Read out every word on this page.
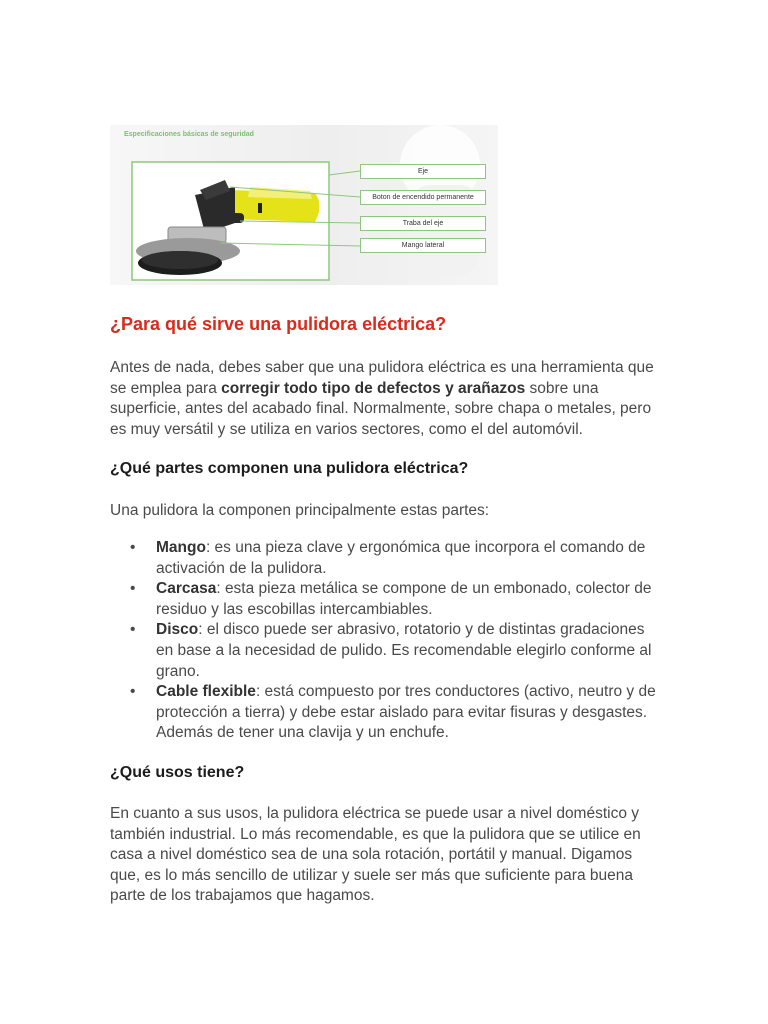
Especificaciones básicas de seguridad
Eje
Boton de encendido permanente
Traba del eje
Mango lateral
¿Para qué sirve una pulidora eléctrica?

Antes de nada, debes saber que una pulidora eléctrica es una herramienta que se emplea para corregir todo tipo de defectos y arañazos sobre una superficie, antes del acabado final. Normalmente, sobre chapa o metales, pero es muy versátil y se utiliza en varios sectores, como el del automóvil.

¿Qué partes componen una pulidora eléctrica?

Una pulidora la componen principalmente estas partes:

• Mango: es una pieza clave y ergonómica que incorpora el comando de activación de la pulidora.
• Carcasa: esta pieza metálica se compone de un embonado, colector de residuo y las escobillas intercambiables.
• Disco: el disco puede ser abrasivo, rotatorio y de distintas gradaciones en base a la necesidad de pulido. Es recomendable elegirlo conforme al grano.
• Cable flexible: está compuesto por tres conductores (activo, neutro y de protección a tierra) y debe estar aislado para evitar fisuras y desgastes. Además de tener una clavija y un enchufe.
¿Qué usos tiene?

En cuanto a sus usos, la pulidora eléctrica se puede usar a nivel doméstico y también industrial. Lo más recomendable, es que la pulidora que se utilice en casa a nivel doméstico sea de una sola rotación, portátil y manual. Digamos que, es lo más sencillo de utilizar y suele ser más que suficiente para buena parte de los trabajamos que hagamos.
